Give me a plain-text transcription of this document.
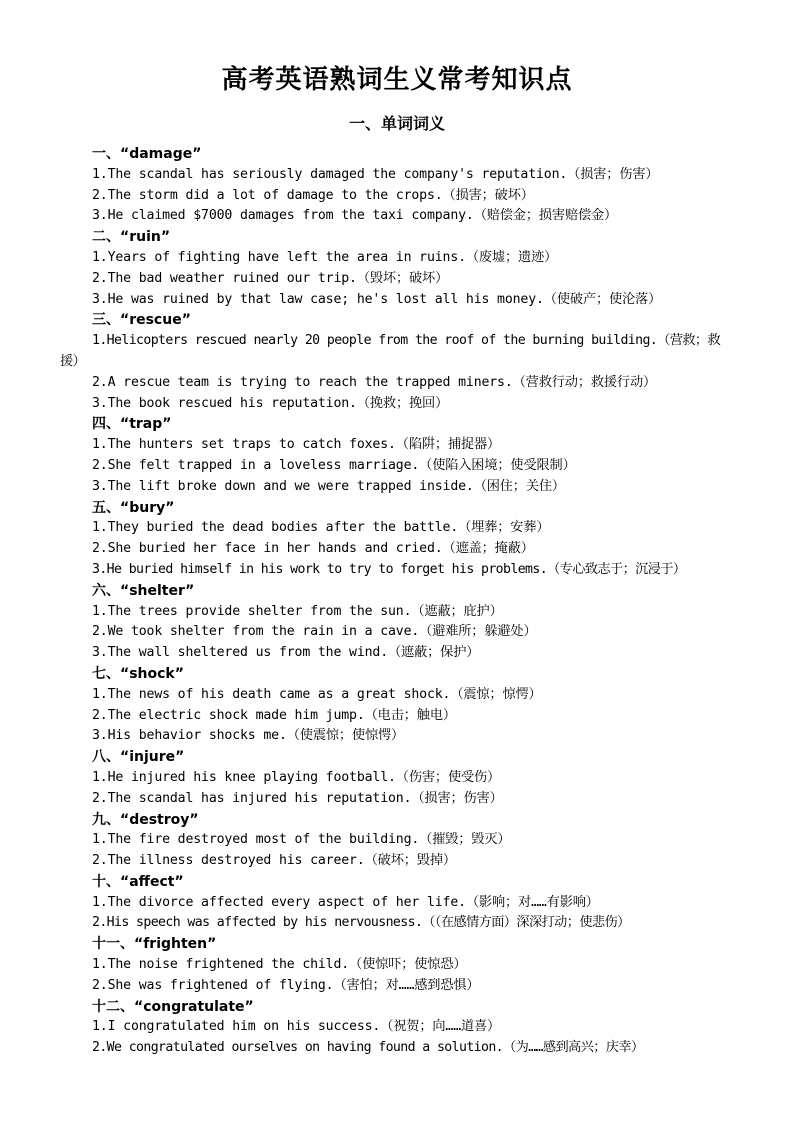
高考英语熟词生义常考知识点
一、单词词义
一、“damage”
1.The scandal has seriously damaged the company's reputation.（损害；伤害）
2.The storm did a lot of damage to the crops.（损害；破坏）
3.He claimed $7000 damages from the taxi company.（赔偿金；损害赔偿金）
二、“ruin”
1.Years of fighting have left the area in ruins.（废墟；遗迹）
2.The bad weather ruined our trip.（毁坏；破坏）
3.He was ruined by that law case; he's lost all his money.（使破产；使沦落）
三、“rescue”
1.Helicopters rescued nearly 20 people from the roof of the burning building.（营救；救援）
2.A rescue team is trying to reach the trapped miners.（营救行动；救援行动）
3.The book rescued his reputation.（挽救；挽回）
四、“trap”
1.The hunters set traps to catch foxes.（陷阱；捕捉器）
2.She felt trapped in a loveless marriage.（使陷入困境；使受限制）
3.The lift broke down and we were trapped inside.（困住；关住）
五、“bury”
1.They buried the dead bodies after the battle.（埋葬；安葬）
2.She buried her face in her hands and cried.（遮盖；掩蔽）
3.He buried himself in his work to try to forget his problems.（专心致志于；沉浸于）
六、“shelter”
1.The trees provide shelter from the sun.（遮蔽；庇护）
2.We took shelter from the rain in a cave.（避难所；躲避处）
3.The wall sheltered us from the wind.（遮蔽；保护）
七、“shock”
1.The news of his death came as a great shock.（震惊；惊愕）
2.The electric shock made him jump.（电击；触电）
3.His behavior shocks me.（使震惊；使惊愕）
八、“injure”
1.He injured his knee playing football.（伤害；使受伤）
2.The scandal has injured his reputation.（损害；伤害）
九、“destroy”
1.The fire destroyed most of the building.（摧毁；毁灭）
2.The illness destroyed his career.（破坏；毁掉）
十、“affect”
1.The divorce affected every aspect of her life.（影响；对……有影响）
2.His speech was affected by his nervousness.（（在感情方面）深深打动；使悲伤）
十一、“frighten”
1.The noise frightened the child.（使惊吓；使惊恐）
2.She was frightened of flying.（害怕；对……感到恐惧）
十二、“congratulate”
1.I congratulated him on his success.（祝贺；向……道喜）
2.We congratulated ourselves on having found a solution.（为……感到高兴；庆幸）
